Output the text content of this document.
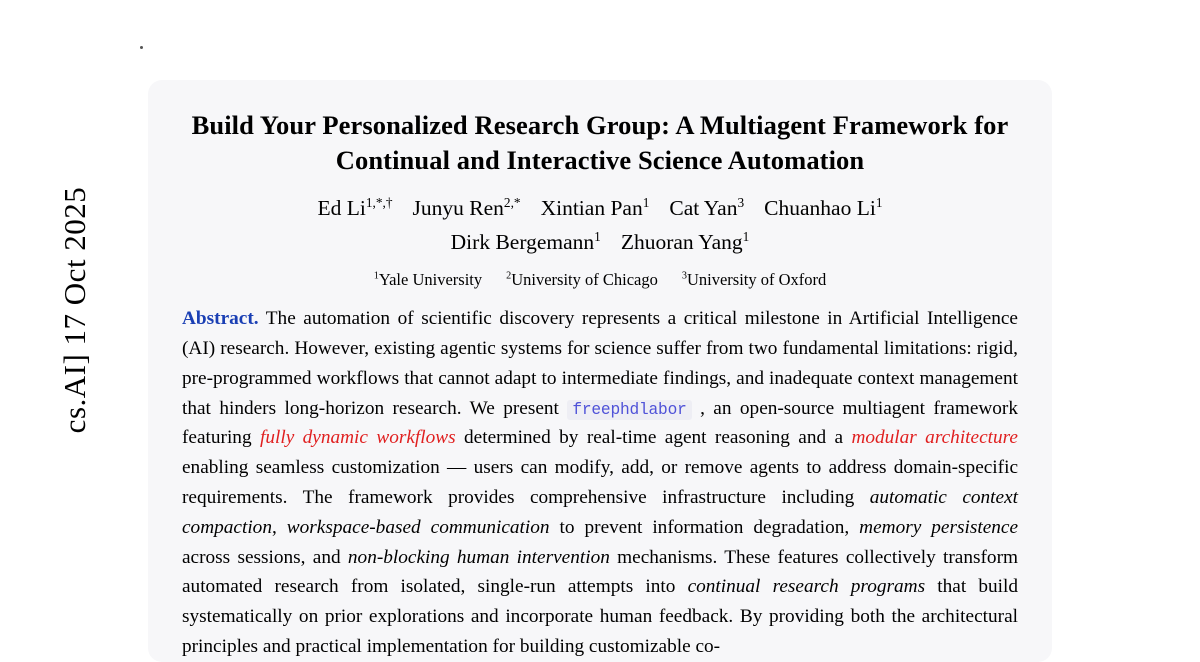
cs.AI] 17 Oct 2025
Build Your Personalized Research Group: A Multiagent Framework for Continual and Interactive Science Automation
Ed $Li^{1,*,\dagger}$ Junyu Ren$^{2,*}$ Xintian Pan$^1$ Cat Yan$^3$ Chuanhao Li$^1$
Dirk Bergemann$^1$ Zhuoran Yang$^1$
$^1$Yale University $^2$University of Chicago $^3$University of Oxford
Abstract. The automation of scientific discovery represents a critical milestone in Artificial Intelligence (AI) research. However, existing agentic systems for science suffer from two fundamental limitations: rigid, pre-programmed workflows that cannot adapt to intermediate findings, and inadequate context management that hinders long-horizon research. We present freephdlabor , an open-source multiagent framework featuring fully dynamic workflows determined by real-time agent reasoning and a modular architecture enabling seamless customization — users can modify, add, or remove agents to address domain-specific requirements. The framework provides comprehensive infrastructure including automatic context compaction, workspace-based communication to prevent information degradation, memory persistence across sessions, and non-blocking human intervention mechanisms. These features collectively transform automated research from isolated, single-run attempts into continual research programs that build systematically on prior explorations and incorporate human feedback. By providing both the architectural principles and practical implementation for building customizable co-
